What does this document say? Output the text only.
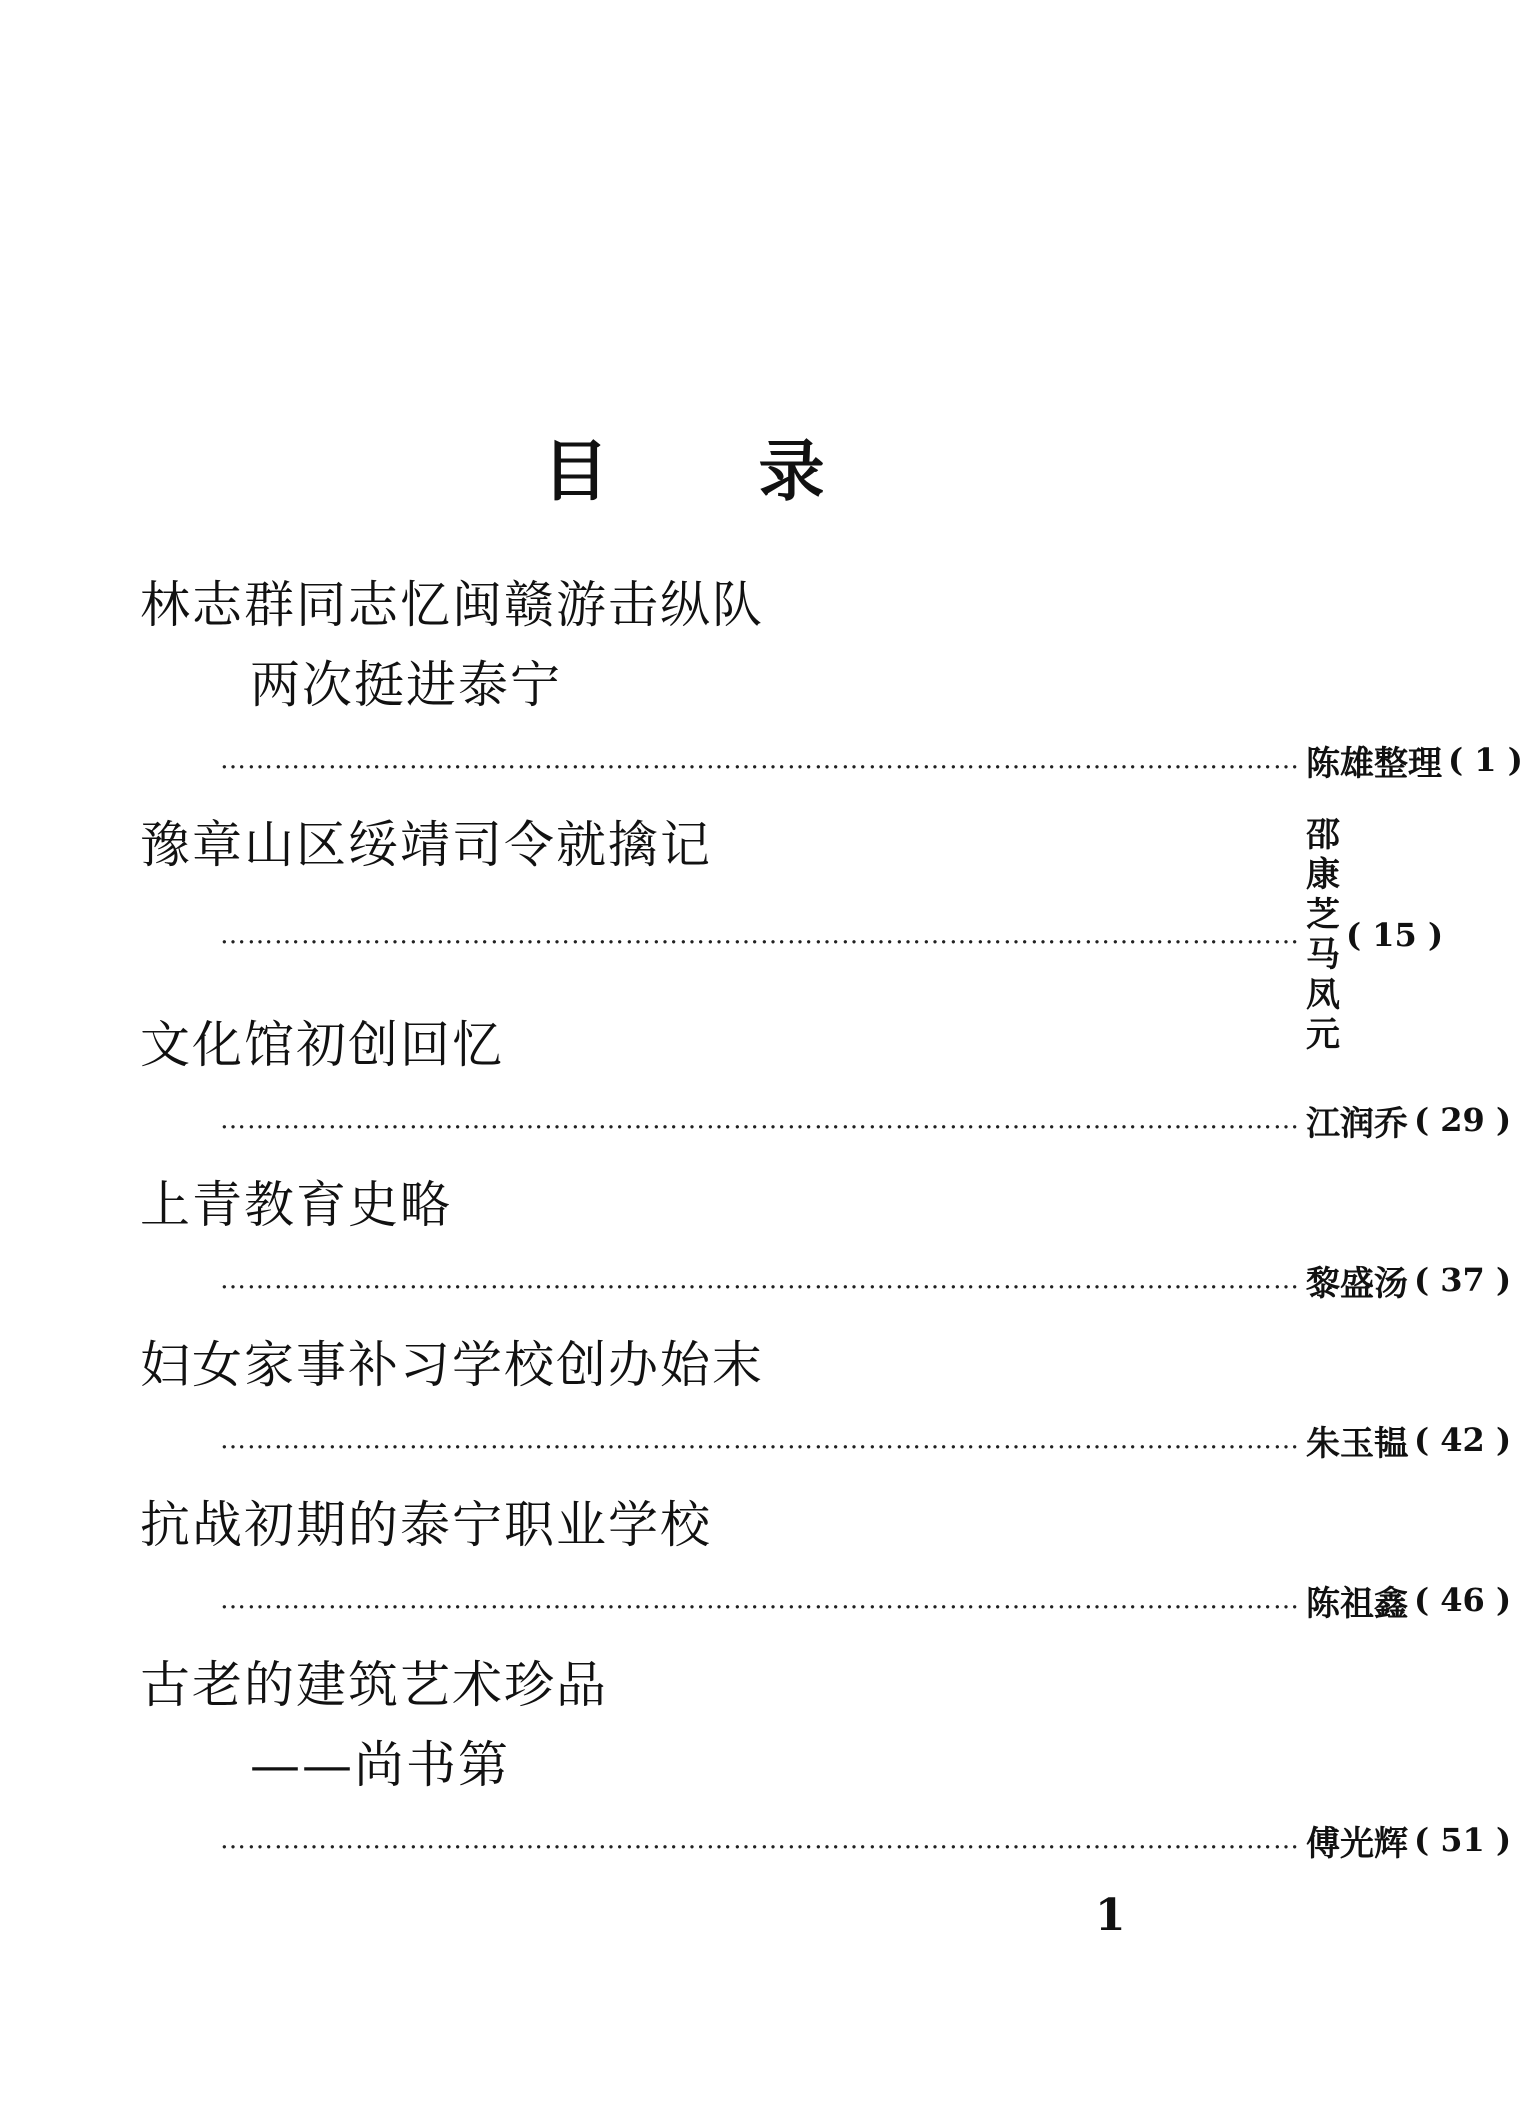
目录
林志群同志忆闽赣游击纵队
两次挺进泰宁
………………………………………………………………………………………………………… 陈雄整理 ( 1 )
豫章山区绥靖司令就擒记
…………………………………………………………………………………………………………
邵康芝
马凤元
( 15 )
文化馆初创回忆
………………………………………………………………………………………………………… 江润乔 ( 29 )
上青教育史略
………………………………………………………………………………………………………… 黎盛汤 ( 37 )
妇女家事补习学校创办始末
………………………………………………………………………………………………………… 朱玉韫 ( 42 )
抗战初期的泰宁职业学校
………………………………………………………………………………………………………… 陈祖鑫 ( 46 )
古老的建筑艺术珍品
——尚书第
………………………………………………………………………………………………………… 傅光辉 ( 51 )
1
